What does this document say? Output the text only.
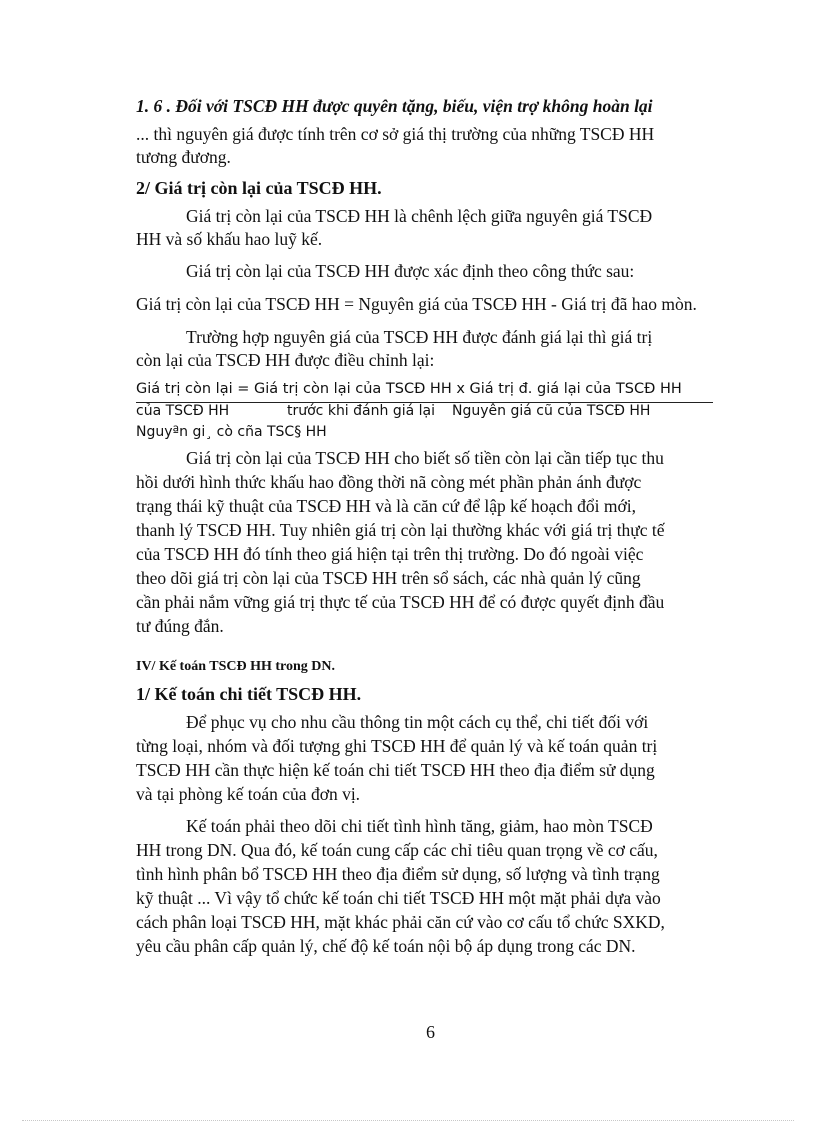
1. 6 . Đối với TSCĐ HH được quyên tặng, biếu, viện trợ không hoàn lại
... thì nguyên giá được tính trên cơ sở giá thị trường của những TSCĐ HH
tương đương.
2/ Giá trị còn lại của TSCĐ HH.
Giá trị còn lại của TSCĐ HH là chênh lệch giữa nguyên giá TSCĐ
HH và số khấu hao luỹ kế.
Giá trị còn lại của TSCĐ HH được xác định theo công thức sau:
Giá trị còn lại của TSCĐ HH = Nguyên giá của TSCĐ HH - Giá trị đã hao mòn.
Trường hợp nguyên giá của TSCĐ HH được đánh giá lại thì giá trị
còn lại của TSCĐ HH được điều chỉnh lại:
Giá trị còn lại = Giá trị còn lại của TSCĐ HH x Giá trị đ. giá lại của TSCĐ HH
của TSCĐ HH	trước khi đánh giá lại Nguyên giá cũ của TSCĐ HH
Nguyªn gi¸ cò cña TSC§ HH
Giá trị còn lại của TSCĐ HH cho biết số tiền còn lại cần tiếp tục thu
hồi dưới hình thức khấu hao đồng thời nã còng mét phần phản ánh được
trạng thái kỹ thuật của TSCĐ HH và là căn cứ để lập kế hoạch đổi mới,
thanh lý TSCĐ HH. Tuy nhiên giá trị còn lại thường khác với giá trị thực tế
của TSCĐ HH đó tính theo giá hiện tại trên thị trường. Do đó ngoài việc
theo dõi giá trị còn lại của TSCĐ HH trên sổ sách, các nhà quản lý cũng
cần phải nắm vững giá trị thực tế của TSCĐ HH để có được quyết định đầu
tư đúng đắn.
IV/ Kế toán TSCĐ HH trong DN.
1/ Kế toán chi tiết TSCĐ HH.
Để phục vụ cho nhu cầu thông tin một cách cụ thể, chi tiết đối với
từng loại, nhóm và đối tượng ghi TSCĐ HH để quản lý và kế toán quản trị
TSCĐ HH cần thực hiện kế toán chi tiết TSCĐ HH theo địa điểm sử dụng
và tại phòng kế toán của đơn vị.
Kế toán phải theo dõi chi tiết tình hình tăng, giảm, hao mòn TSCĐ
HH trong DN. Qua đó, kế toán cung cấp các chỉ tiêu quan trọng về cơ cấu,
tình hình phân bổ TSCĐ HH theo địa điểm sử dụng, số lượng và tình trạng
kỹ thuật ... Vì vậy tổ chức kế toán chi tiết TSCĐ HH một mặt phải dựa vào
cách phân loại TSCĐ HH, mặt khác phải căn cứ vào cơ cấu tổ chức SXKD,
yêu cầu phân cấp quản lý, chế độ kế toán nội bộ áp dụng trong các DN.
6
